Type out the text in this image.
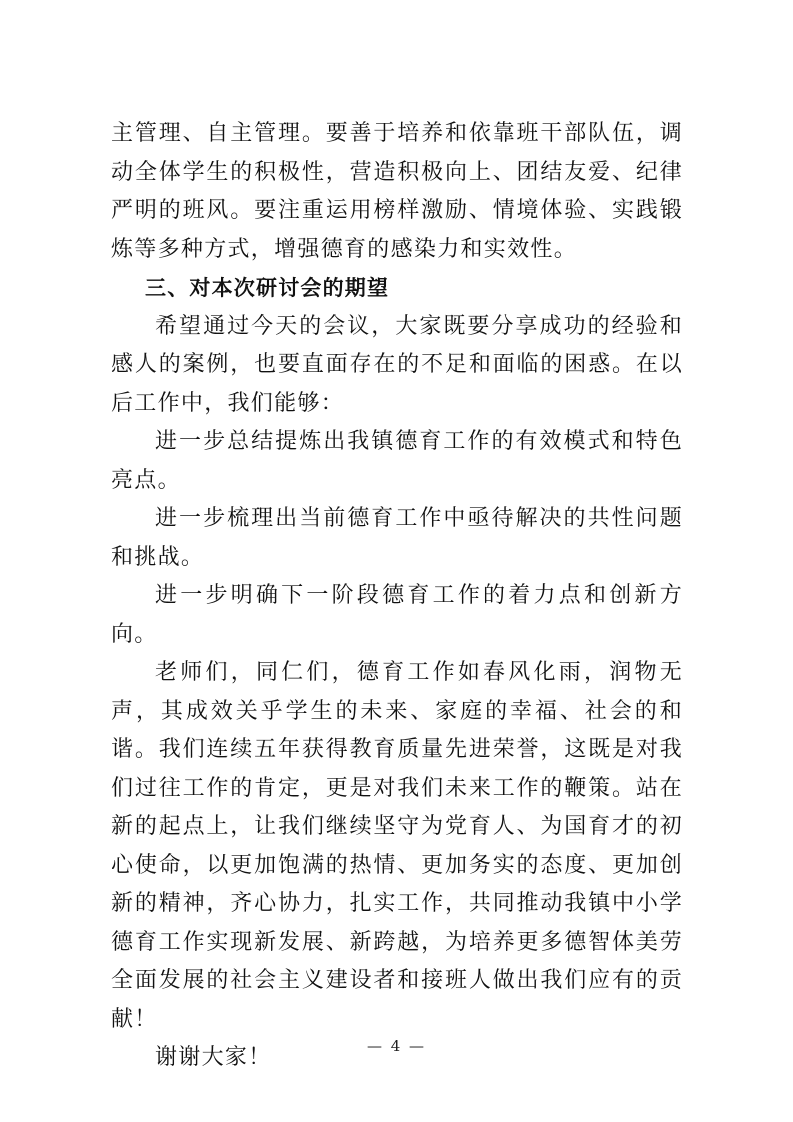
主管理、自主管理。要善于培养和依靠班干部队伍，调动全体学生的积极性，营造积极向上、团结友爱、纪律严明的班风。要注重运用榜样激励、情境体验、实践锻炼等多种方式，增强德育的感染力和实效性。

三、对本次研讨会的期望

希望通过今天的会议，大家既要分享成功的经验和感人的案例，也要直面存在的不足和面临的困惑。在以后工作中，我们能够：

进一步总结提炼出我镇德育工作的有效模式和特色亮点。

进一步梳理出当前德育工作中亟待解决的共性问题和挑战。

进一步明确下一阶段德育工作的着力点和创新方向。

老师们，同仁们，德育工作如春风化雨，润物无声，其成效关乎学生的未来、家庭的幸福、社会的和谐。我们连续五年获得教育质量先进荣誉，这既是对我们过往工作的肯定，更是对我们未来工作的鞭策。站在新的起点上，让我们继续坚守为党育人、为国育才的初心使命，以更加饱满的热情、更加务实的态度、更加创新的精神，齐心协力，扎实工作，共同推动我镇中小学德育工作实现新发展、新跨越，为培养更多德智体美劳全面发展的社会主义建设者和接班人做出我们应有的贡献！

谢谢大家！	— 4 —
